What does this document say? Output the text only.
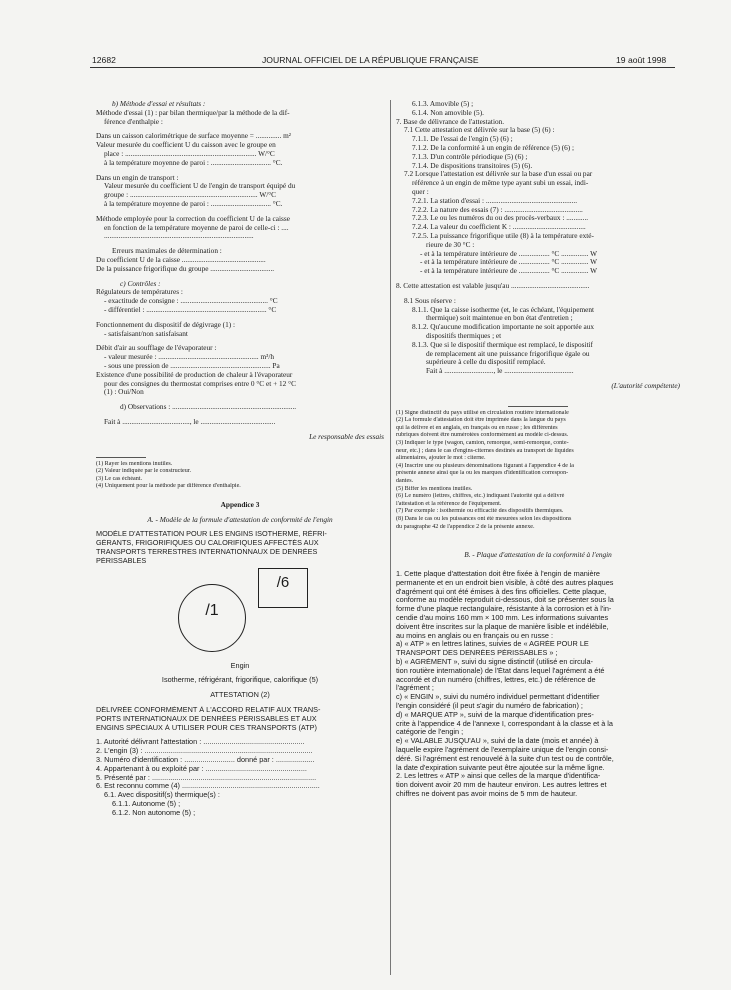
12682	JOURNAL OFFICIEL DE LA RÉPUBLIQUE FRANÇAISE	19 août 1998
b) Méthode d'essai et résultats :
Méthode d'essai (1) : par bilan thermique/par la méthode de la dif-
férence d'enthalpie :
Dans un caisson calorimétrique de surface moyenne = .............. m²
Valeur mesurée du coefficient U du caisson avec le groupe en
place : ........................................................................ W/°C
à la température moyenne de paroi : ................................. °C.
Dans un engin de transport :
Valeur mesurée du coefficient U de l'engin de transport équipé du
groupe : ...................................................................... W/°C
à la température moyenne de paroi : ................................. °C.
Méthode employée pour la correction du coefficient U de la caisse
en fonction de la température moyenne de paroi de celle-ci : ....
..................................................................................
Erreurs maximales de détermination :
Du coefficient U de la caisse ..............................................
De la puissance frigorifique du groupe ...................................
c) Contrôles :
Régulateurs de températures :
- exactitude de consigne : ................................................ °C
- différentiel : .................................................................. °C
Fonctionnement du dispositif de dégivrage (1) :
- satisfaisant/non satisfaisant
Débit d'air au soufflage de l'évaporateur :
- valeur mesurée : ....................................................... m³/h
- sous une pression de ....................................................... Pa
Existence d'une possibilité de production de chaleur à l'évaporateur
pour des consignes du thermostat comprises entre 0 °C et + 12 °C
(1) : Oui/Non
d) Observations : ....................................................................
Fait à ....................................., le .........................................
Le responsable des essais
(1) Rayer les mentions inutiles.
(2) Valeur indiquée par le constructeur.
(3) Le cas échéant.
(4) Uniquement pour la méthode par différence d'enthalpie.
Appendice 3
A. - Modèle de la formule d'attestation de conformité de l'engin
MODÈLE D'ATTESTATION POUR LES ENGINS ISOTHERME, RÉFRI-
GÉRANTS, FRIGORIFIQUES OU CALORIFIQUES AFFECTÉS AUX
TRANSPORTS TERRESTRES INTERNATIONNAUX DE DENRÉES
PÉRISSABLES
/6
/1
Engin
Isotherme, réfrigérant, frigorifique, calorifique (5)
ATTESTATION (2)
DÉLIVRÉE CONFORMÉMENT À L'ACCORD RELATIF AUX TRANS-
PORTS INTERNATIONAUX DE DENRÉES PÉRISSABLES ET AUX
ENGINS SPÉCIAUX À UTILISER POUR CES TRANSPORTS (ATP)
1. Autorité délivrant l'attestation : ..................................................
2. L'engin (3) : ...................................................................................
3. Numéro d'identification : ......................... donné par : ...................
4. Appartenant à ou exploité par : ..................................................
5. Présenté par : .................................................................................
6. Est reconnu comme (4) ....................................................................
6.1. Avec dispositif(s) thermique(s) :
6.1.1. Autonome (5) ;
6.1.2. Non autonome (5) ;
6.1.3. Amovible (5) ;
6.1.4. Non amovible (5).
7. Base de délivrance de l'attestation.
7.1 Cette attestation est délivrée sur la base (5) (6) :
7.1.1. De l'essai de l'engin (5) (6) ;
7.1.2. De la conformité à un engin de référence (5) (6) ;
7.1.3. D'un contrôle périodique (5) (6) ;
7.1.4. De dispositions transitoires (5) (6).
7.2 Lorsque l'attestation est délivrée sur la base d'un essai ou par
référence à un engin de même type ayant subi un essai, indi-
quer :
7.2.1. La station d'essai : ..................................................
7.2.2. La nature des essais (7) : ...........................................
7.2.3. Le ou les numéros du ou des procès-verbaux : ............
7.2.4. La valeur du coefficient K : ........................................
7.2.5. La puissance frigorifique utile (8) à la température exté-
rieure de 30 °C :
- et à la température intérieure de ................. °C ............... W
- et à la température intérieure de ................. °C ............... W
- et à la température intérieure de ................. °C ............... W
8. Cette attestation est valable jusqu'au ...........................................
8.1 Sous réserve :
8.1.1. Que la caisse isotherme (et, le cas échéant, l'équipement
thermique) soit maintenue en bon état d'entretien ;
8.1.2. Qu'aucune modification importante ne soit apportée aux
dispositifs thermiques ; et
8.1.3. Que si le dispositif thermique est remplacé, le dispositif
de remplacement ait une puissance frigorifique égale ou
supérieure à celle du dispositif remplacé.
Fait à ..........................., le ......................................
(L'autorité compétente)
(1) Signe distinctif du pays utilisé en circulation routière internationale
(2) La formule d'attestation doit être imprimée dans la langue du pays
qui la délivre et en anglais, en français ou en russe ; les différentes
rubriques doivent être numérotées conformément au modèle ci-dessus.
(3) Indiquer le type (wagon, camion, remorque, semi-remorque, conte-
neur, etc.) ; dans le cas d'engins-citernes destinés au transport de liquides
alimentaires, ajouter le mot : citerne.
(4) Inscrire une ou plusieurs dénominations figurant à l'appendice 4 de la
présente annexe ainsi que la ou les marques d'identification correspon-
dantes.
(5) Biffer les mentions inutiles.
(6) Le numéro (lettres, chiffres, etc.) indiquant l'autorité qui a délivré
l'attestation et la référence de l'équipement.
(7) Par exemple : isothermie ou efficacité des dispositifs thermiques.
(8) Dans le cas ou les puissances ont été mesurées selon les dispositions
du paragraphe 42 de l'appendice 2 de la présente annexe.
B. - Plaque d'attestation de la conformité à l'engin
1. Cette plaque d'attestation doit être fixée à l'engin de manière
permanente et en un endroit bien visible, à côté des autres plaques
d'agrément qui ont été émises à des fins officielles. Cette plaque,
conforme au modèle reproduit ci-dessous, doit se présenter sous la
forme d'une plaque rectangulaire, résistante à la corrosion et à l'in-
cendie d'au moins 160 mm × 100 mm. Les informations suivantes
doivent être inscrites sur la plaque de manière lisible et indélébile,
au moins en anglais ou en français ou en russe :
a) « ATP » en lettres latines, suivies de « AGRÉE POUR LE
TRANSPORT DES DENRÉES PÉRISSABLES » ;
b) « AGRÉMENT », suivi du signe distinctif (utilisé en circula-
tion routière internationale) de l'État dans lequel l'agrément a été
accordé et d'un numéro (chiffres, lettres, etc.) de référence de
l'agrément ;
c) « ENGIN », suivi du numéro individuel permettant d'identifier
l'engin considéré (il peut s'agir du numéro de fabrication) ;
d) « MARQUE ATP », suivi de la marque d'identification pres-
crite à l'appendice 4 de l'annexe I, correspondant à la classe et à la
catégorie de l'engin ;
e) « VALABLE JUSQU'AU », suivi de la date (mois et année) à
laquelle expire l'agrément de l'exemplaire unique de l'engin consi-
déré. Si l'agrément est renouvelé à la suite d'un test ou de contrôle,
la date d'expiration suivante peut être ajoutée sur la même ligne.
2. Les lettres « ATP » ainsi que celles de la marque d'identifica-
tion doivent avoir 20 mm de hauteur environ. Les autres lettres et
chiffres ne doivent pas avoir moins de 5 mm de hauteur.
